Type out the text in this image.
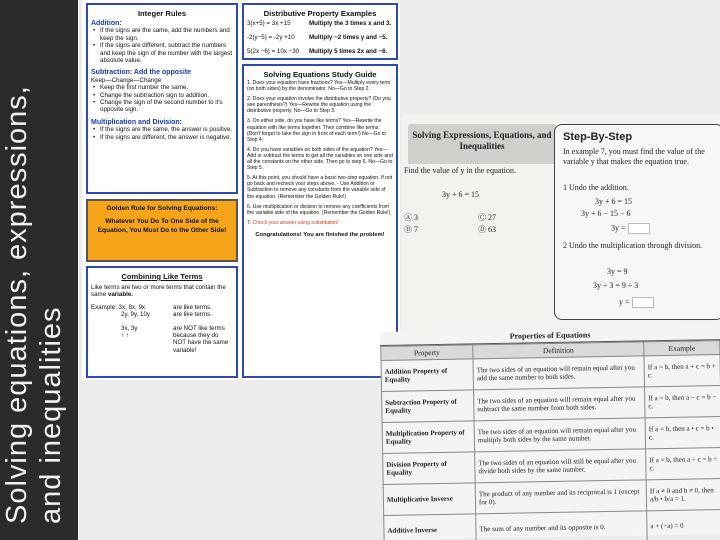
Solving equations, expressions, and inequalities
Integer Rules
Addition:
• If the signs are the same, add the numbers and keep the sign.
• If the signs are different, subtract the numbers and keep the sign of the number with the largest absolute value.
Subtraction: Add the opposite
Keep—Change—Change
• Keep the first number the same.
• Change the subtraction sign to addition.
• Change the sign of the second number to it's opposite sign.
Multiplication and Division:
• If the signs are the same, the answer is positive.
• If the signs are different, the answer is negative.
Combining Like Terms
Like terms are two or more terms that contain the same variable.
Example: 3x, 8x, 9x
2y, 9y, 10y
are like terms.
are like terms.
3x, 3y
↑ ↑
are NOT like terms because they do NOT have the same variable!
Distributive Property Examples
3(x+5) = 3x +15	Multiply the 3 times x and 3.
-2(y−5) = -2y +10	Multiply −2 times y and −5.
5(2x −6) = 10x −30	Multiply 5 times 2x and −6.
Solving Equations Study Guide
1. Does your equation have fractions? Yes—Multiply every term (on both sides) by the denominator. No—Go to Step 2.
2. Does your equation involve the distributive property? (Do you see parenthesis?) Yes—Rewrite the equation using the distributive property. No—Go to Step 3.
3. On either side, do you have like terms? Yes—Rewrite the equation with like terms together. Then combine like terms. (Don't forget to take the sign in front of each term!) No—Go to Step 4.
4. Do you have variables on both sides of the equation? Yes—Add or subtract the terms to get all the variables on one side and all the constants on the other side. Then go to step 6. No—Go to Step 5.
5. At this point, you should have a basic two-step equation. If not go back and recheck your steps above. - Use Addition or Subtraction to remove any constants from the variable side of the equation. (Remember the Golden Rule!)
6. Use multiplication or division to remove any coefficients from the variable side of the equation. (Remember the Golden Rule!)
7. Check your answer using substitution!
Congratulations! You are finished the problem!
Golden Rule for Solving Equations:
Whatever You Do To One Side of the Equation, You Must Do to the Other Side!
Solving Expressions, Equations, and Inequalities
Find the value of y in the equation.
3y + 6 = 15
Ⓐ 3
Ⓑ 7
Ⓒ 27
Ⓓ 63
Step-By-Step
In example 7, you must find the value of the variable y that makes the equation true.
1 Undo the addition.
3y + 6 = 15
3y + 6 − 15 − 6
3y =
2 Undo the multiplication through division.
3y = 9
3y ÷ 3 = 9 ÷ 3
y =
Properties of Equations
Property	Definition	Example
Addition Property of Equality	The two sides of an equation will remain equal after you add the same number to both sides.	If a = b, then a + c = b + c.
Subtraction Property of Equality	The two sides of an equation will remain equal after you subtract the same number from both sides.	If a = b, then a − c = b − c.
Multiplication Property of Equality	The two sides of an equation will remain equal after you multiply both sides by the same number.	If a = b, then a • c = b • c.
Division Property of Equality	The two sides of an equation will still be equal after you divide both sides by the same number.	If a = b, then a ÷ c = b ÷ c.
Multiplicative Inverse	The product of any number and its reciprocal is 1 (except for 0).	If a ≠ 0 and b ≠ 0, then a/b • b/a = 1.
Additive Inverse	The sum of any number and its opposite is 0.	a + (−a) = 0
